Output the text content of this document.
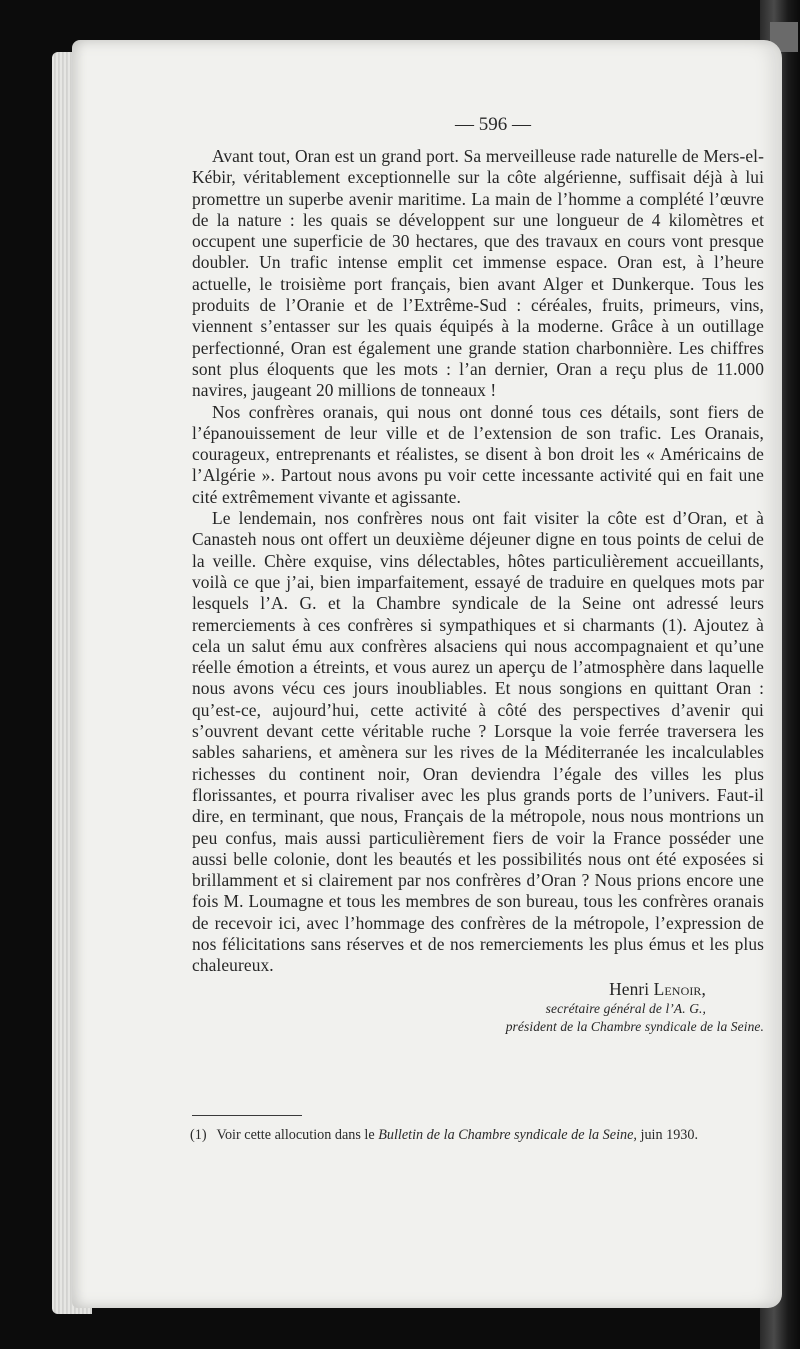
— 596 —

Avant tout, Oran est un grand port. Sa merveilleuse rade naturelle de Mers-el-Kébir, véritablement exceptionnelle sur la côte algérienne, suffisait déjà à lui promettre un superbe avenir maritime. La main de l’homme a complété l’œuvre de la nature : les quais se développent sur une longueur de 4 kilomètres et occupent une superficie de 30 hectares, que des travaux en cours vont presque doubler. Un trafic intense emplit cet immense espace. Oran est, à l’heure actuelle, le troisième port français, bien avant Alger et Dunkerque. Tous les produits de l’Oranie et de l’Extrême-Sud : céréales, fruits, primeurs, vins, viennent s’entasser sur les quais équipés à la moderne. Grâce à un outillage perfectionné, Oran est également une grande station charbonnière. Les chiffres sont plus éloquents que les mots : l’an dernier, Oran a reçu plus de 11.000 navires, jaugeant 20 millions de tonneaux !

Nos confrères oranais, qui nous ont donné tous ces détails, sont fiers de l’épanouissement de leur ville et de l’extension de son trafic. Les Oranais, courageux, entreprenants et réalistes, se disent à bon droit les « Américains de l’Algérie ». Partout nous avons pu voir cette incessante activité qui en fait une cité extrêmement vivante et agissante.

Le lendemain, nos confrères nous ont fait visiter la côte est d’Oran, et à Canasteh nous ont offert un deuxième déjeuner digne en tous points de celui de la veille. Chère exquise, vins délectables, hôtes particulièrement accueillants, voilà ce que j’ai, bien imparfaitement, essayé de traduire en quelques mots par lesquels l’A. G. et la Chambre syndicale de la Seine ont adressé leurs remerciements à ces confrères si sympathiques et si charmants (1). Ajoutez à cela un salut ému aux confrères alsaciens qui nous accompagnaient et qu’une réelle émotion a étreints, et vous aurez un aperçu de l’atmosphère dans laquelle nous avons vécu ces jours inoubliables. Et nous songions en quittant Oran : qu’est-ce, aujourd’hui, cette activité à côté des perspectives d’avenir qui s’ouvrent devant cette véritable ruche ? Lorsque la voie ferrée traversera les sables sahariens, et amènera sur les rives de la Méditerranée les incalculables richesses du continent noir, Oran deviendra l’égale des villes les plus florissantes, et pourra rivaliser avec les plus grands ports de l’univers. Faut-il dire, en terminant, que nous, Français de la métropole, nous nous montrions un peu confus, mais aussi particulièrement fiers de voir la France posséder une aussi belle colonie, dont les beautés et les possibilités nous ont été exposées si brillamment et si clairement par nos confrères d’Oran ? Nous prions encore une fois M. Loumagne et tous les membres de son bureau, tous les confrères oranais de recevoir ici, avec l’hommage des confrères de la métropole, l’expression de nos félicitations sans réserves et de nos remerciements les plus émus et les plus chaleureux.

Henri Lenoir,
secrétaire général de l’A. G.,
président de la Chambre syndicale de la Seine.
(1) Voir cette allocution dans le Bulletin de la Chambre syndicale de la Seine, juin 1930.
